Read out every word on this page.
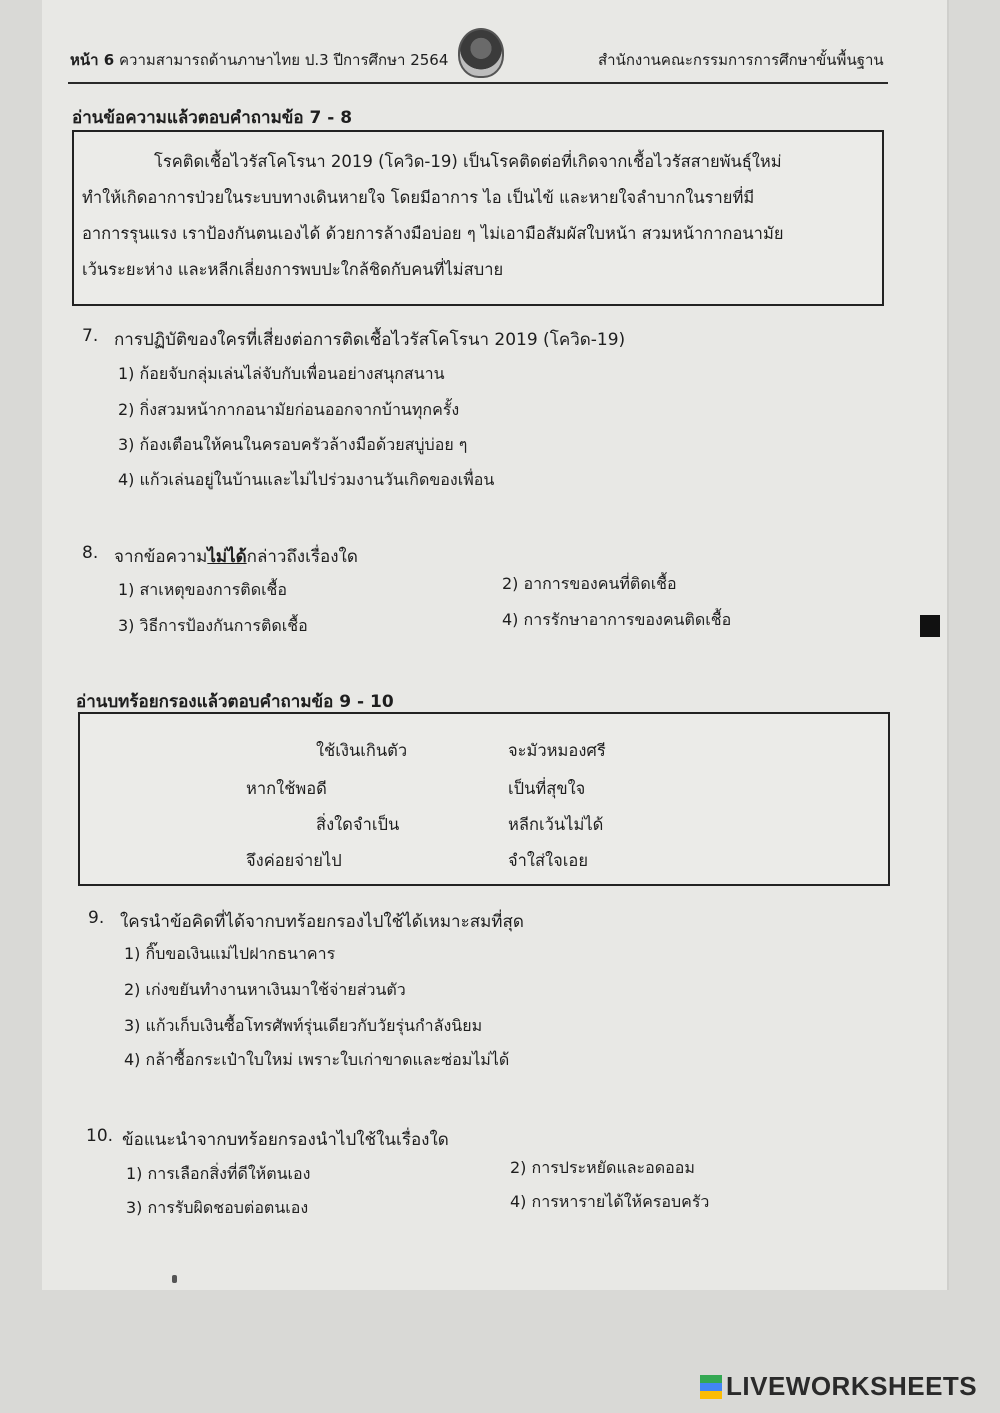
หน้า 6 ความสามารถด้านภาษาไทย ป.3 ปีการศึกษา 2564	สำนักงานคณะกรรมการการศึกษาขั้นพื้นฐาน
อ่านข้อความแล้วตอบคำถามข้อ 7 - 8
โรคติดเชื้อไวรัสโคโรนา 2019 (โควิด-19) เป็นโรคติดต่อที่เกิดจากเชื้อไวรัสสายพันธุ์ใหม่
ทำให้เกิดอาการป่วยในระบบทางเดินหายใจ โดยมีอาการ ไอ เป็นไข้ และหายใจลำบากในรายที่มี
อาการรุนแรง เราป้องกันตนเองได้ ด้วยการล้างมือบ่อย ๆ ไม่เอามือสัมผัสใบหน้า สวมหน้ากากอนามัย
เว้นระยะห่าง และหลีกเลี่ยงการพบปะใกล้ชิดกับคนที่ไม่สบาย
7. การปฏิบัติของใครที่เสี่ยงต่อการติดเชื้อไวรัสโคโรนา 2019 (โควิด-19)
1) ก้อยจับกลุ่มเล่นไล่จับกับเพื่อนอย่างสนุกสนาน
2) กิ่งสวมหน้ากากอนามัยก่อนออกจากบ้านทุกครั้ง
3) ก้องเตือนให้คนในครอบครัวล้างมือด้วยสบู่บ่อย ๆ
4) แก้วเล่นอยู่ในบ้านและไม่ไปร่วมงานวันเกิดของเพื่อน
8. จากข้อความไม่ได้กล่าวถึงเรื่องใด
1) สาเหตุของการติดเชื้อ	2) อาการของคนที่ติดเชื้อ
3) วิธีการป้องกันการติดเชื้อ	4) การรักษาอาการของคนติดเชื้อ
อ่านบทร้อยกรองแล้วตอบคำถามข้อ 9 - 10
ใช้เงินเกินตัว	จะมัวหมองศรี
หากใช้พอดี	เป็นที่สุขใจ
สิ่งใดจำเป็น	หลีกเว้นไม่ได้
จึงค่อยจ่ายไป	จำใส่ใจเอย
9. ใครนำข้อคิดที่ได้จากบทร้อยกรองไปใช้ได้เหมาะสมที่สุด
1) กิ๊บขอเงินแม่ไปฝากธนาคาร
2) เก่งขยันทำงานหาเงินมาใช้จ่ายส่วนตัว
3) แก้วเก็บเงินซื้อโทรศัพท์รุ่นเดียวกับวัยรุ่นกำลังนิยม
4) กล้าซื้อกระเป๋าใบใหม่ เพราะใบเก่าขาดและซ่อมไม่ได้
10. ข้อแนะนำจากบทร้อยกรองนำไปใช้ในเรื่องใด
1) การเลือกสิ่งที่ดีให้ตนเอง	2) การประหยัดและอดออม
3) การรับผิดชอบต่อตนเอง	4) การหารายได้ให้ครอบครัว
LIVEWORKSHEETS
